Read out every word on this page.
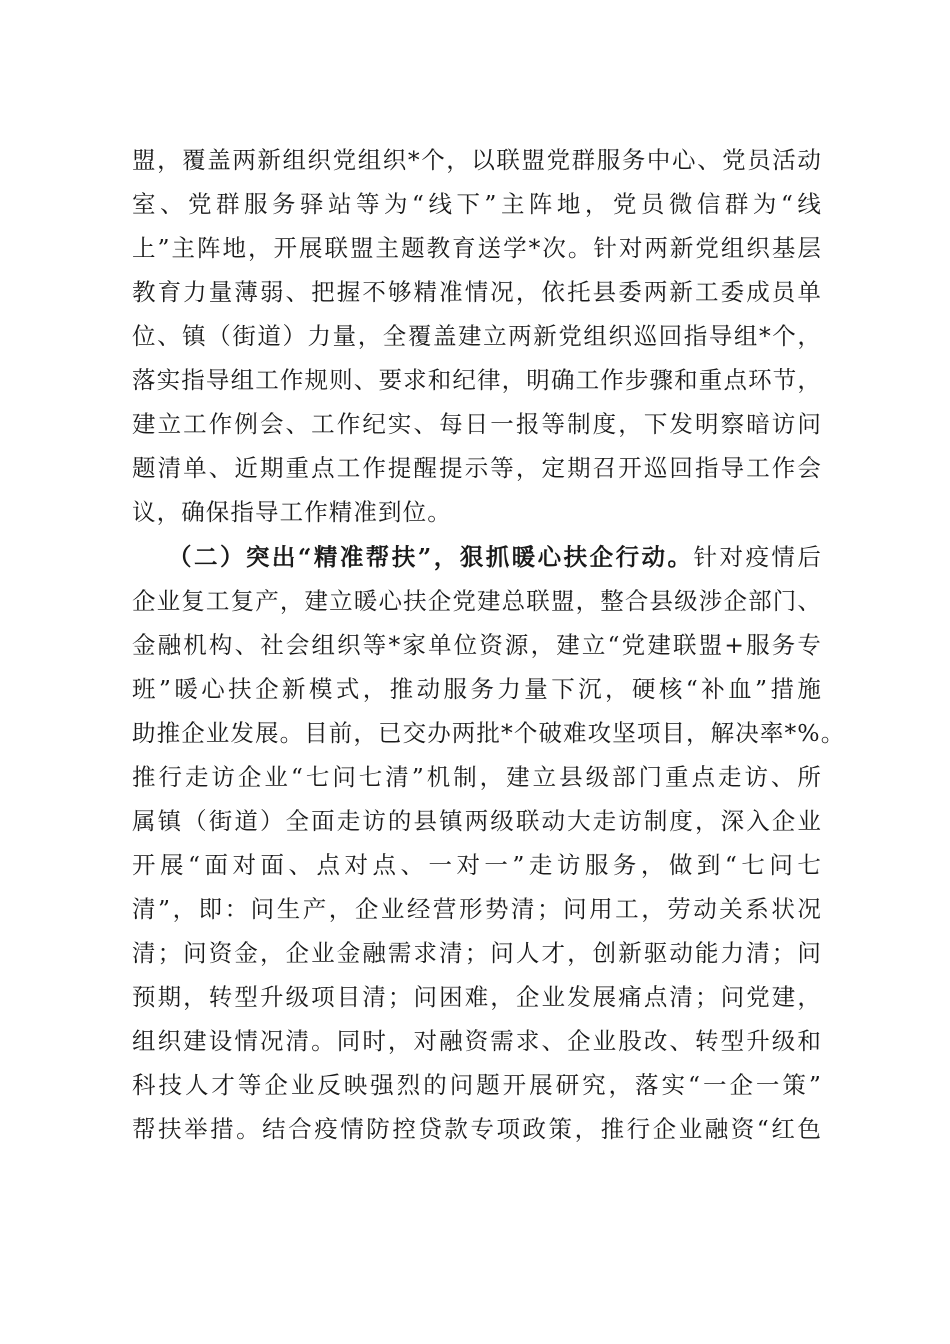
盟，覆盖两新组织党组织*个，以联盟党群服务中心、党员活动
室、党群服务驿站等为“线下”主阵地，党员微信群为“线
上”主阵地，开展联盟主题教育送学*次。针对两新党组织基层
教育力量薄弱、把握不够精准情况，依托县委两新工委成员单
位、镇（街道）力量，全覆盖建立两新党组织巡回指导组*个，
落实指导组工作规则、要求和纪律，明确工作步骤和重点环节，
建立工作例会、工作纪实、每日一报等制度，下发明察暗访问
题清单、近期重点工作提醒提示等，定期召开巡回指导工作会
议，确保指导工作精准到位。
（二）突出“精准帮扶”，狠抓暖心扶企行动。针对疫情后
企业复工复产，建立暖心扶企党建总联盟，整合县级涉企部门、
金融机构、社会组织等*家单位资源，建立“党建联盟+服务专
班”暖心扶企新模式，推动服务力量下沉，硬核“补血”措施
助推企业发展。目前，已交办两批*个破难攻坚项目，解决率*%。
推行走访企业“七问七清”机制，建立县级部门重点走访、所
属镇（街道）全面走访的县镇两级联动大走访制度，深入企业
开展“面对面、点对点、一对一”走访服务，做到“七问七
清”，即：问生产，企业经营形势清；问用工，劳动关系状况
清；问资金，企业金融需求清；问人才，创新驱动能力清；问
预期，转型升级项目清；问困难，企业发展痛点清；问党建，
组织建设情况清。同时，对融资需求、企业股改、转型升级和
科技人才等企业反映强烈的问题开展研究，落实“一企一策”
帮扶举措。结合疫情防控贷款专项政策，推行企业融资“红色
